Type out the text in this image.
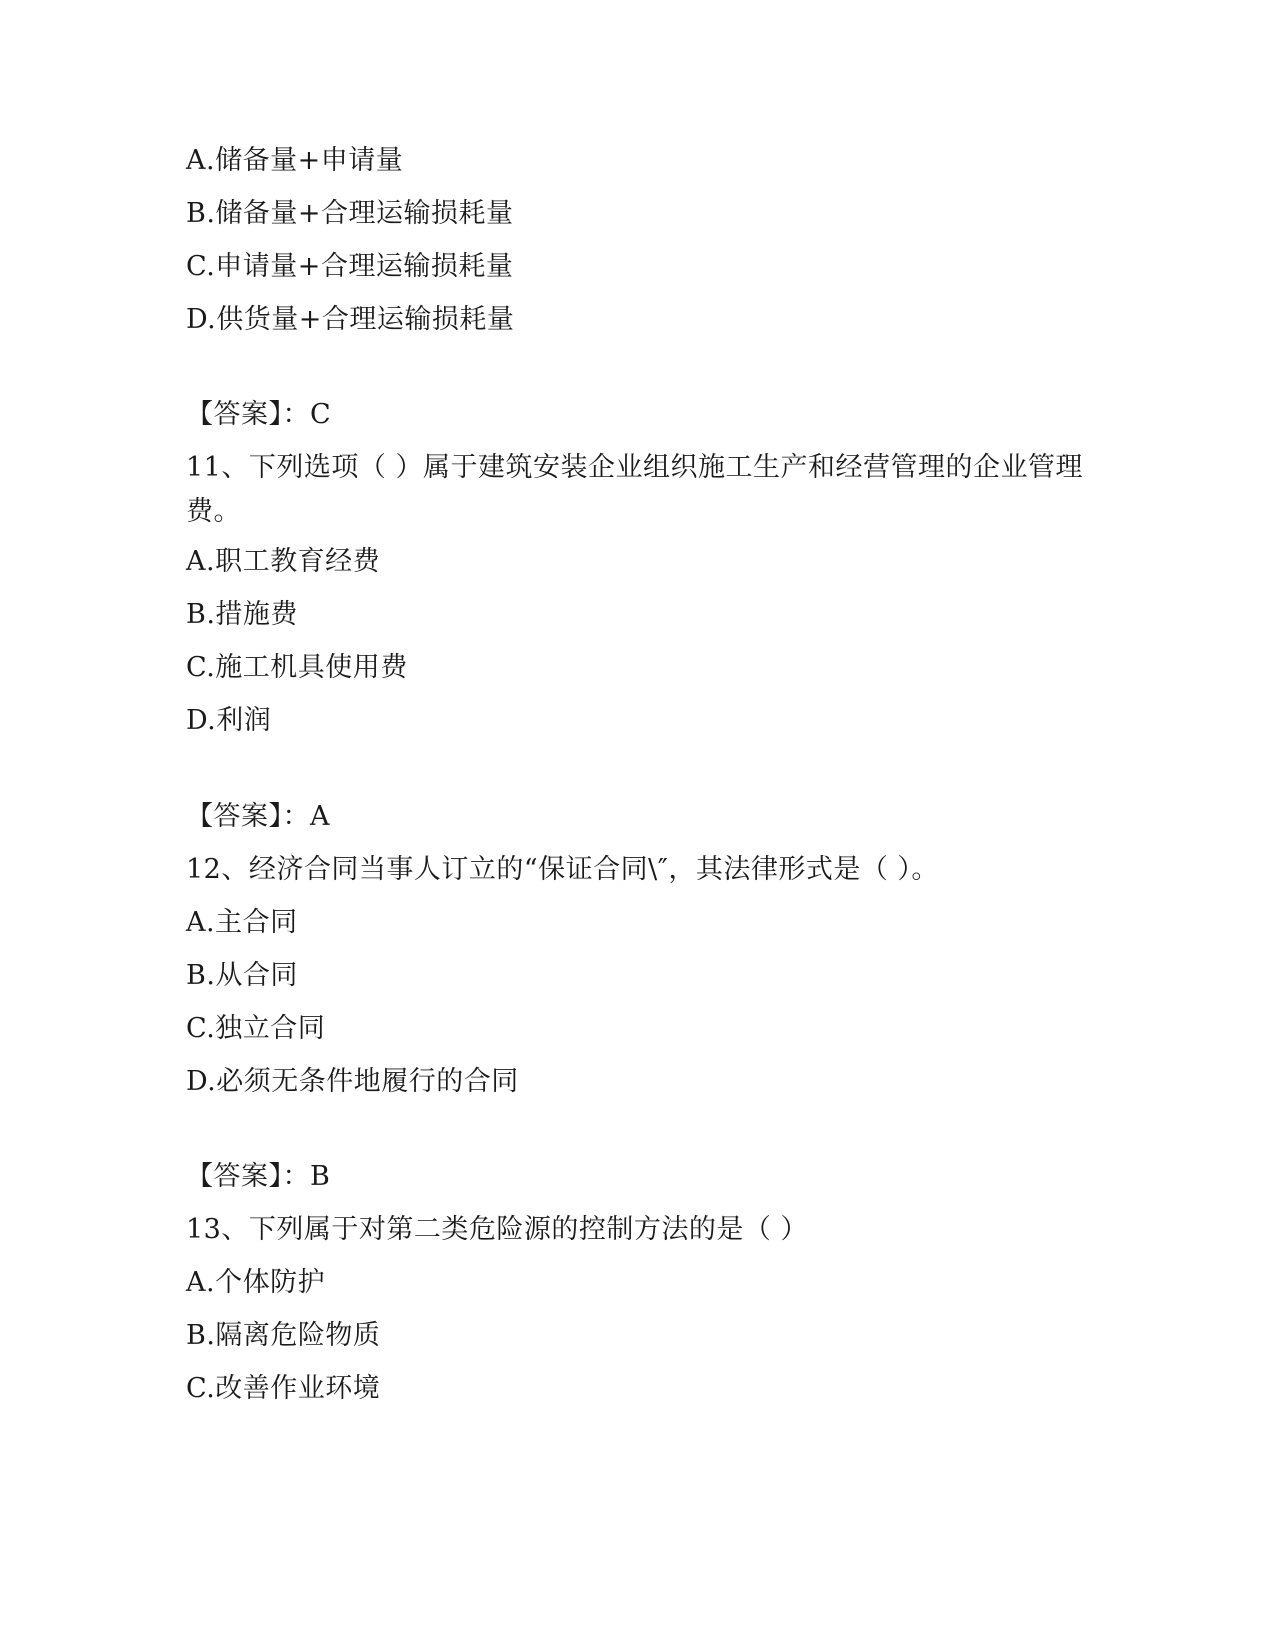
A.储备量+申请量
B.储备量+合理运输损耗量
C.申请量+合理运输损耗量
D.供货量+合理运输损耗量
【答案】：C
11、下列选项（ ）属于建筑安装企业组织施工生产和经营管理的企业管理费。
A.职工教育经费
B.措施费
C.施工机具使用费
D.利润
【答案】：A
12、经济合同当事人订立的“保证合同\″，其法律形式是（ ）。
A.主合同
B.从合同
C.独立合同
D.必须无条件地履行的合同
【答案】：B
13、下列属于对第二类危险源的控制方法的是（ ）
A.个体防护
B.隔离危险物质
C.改善作业环境
